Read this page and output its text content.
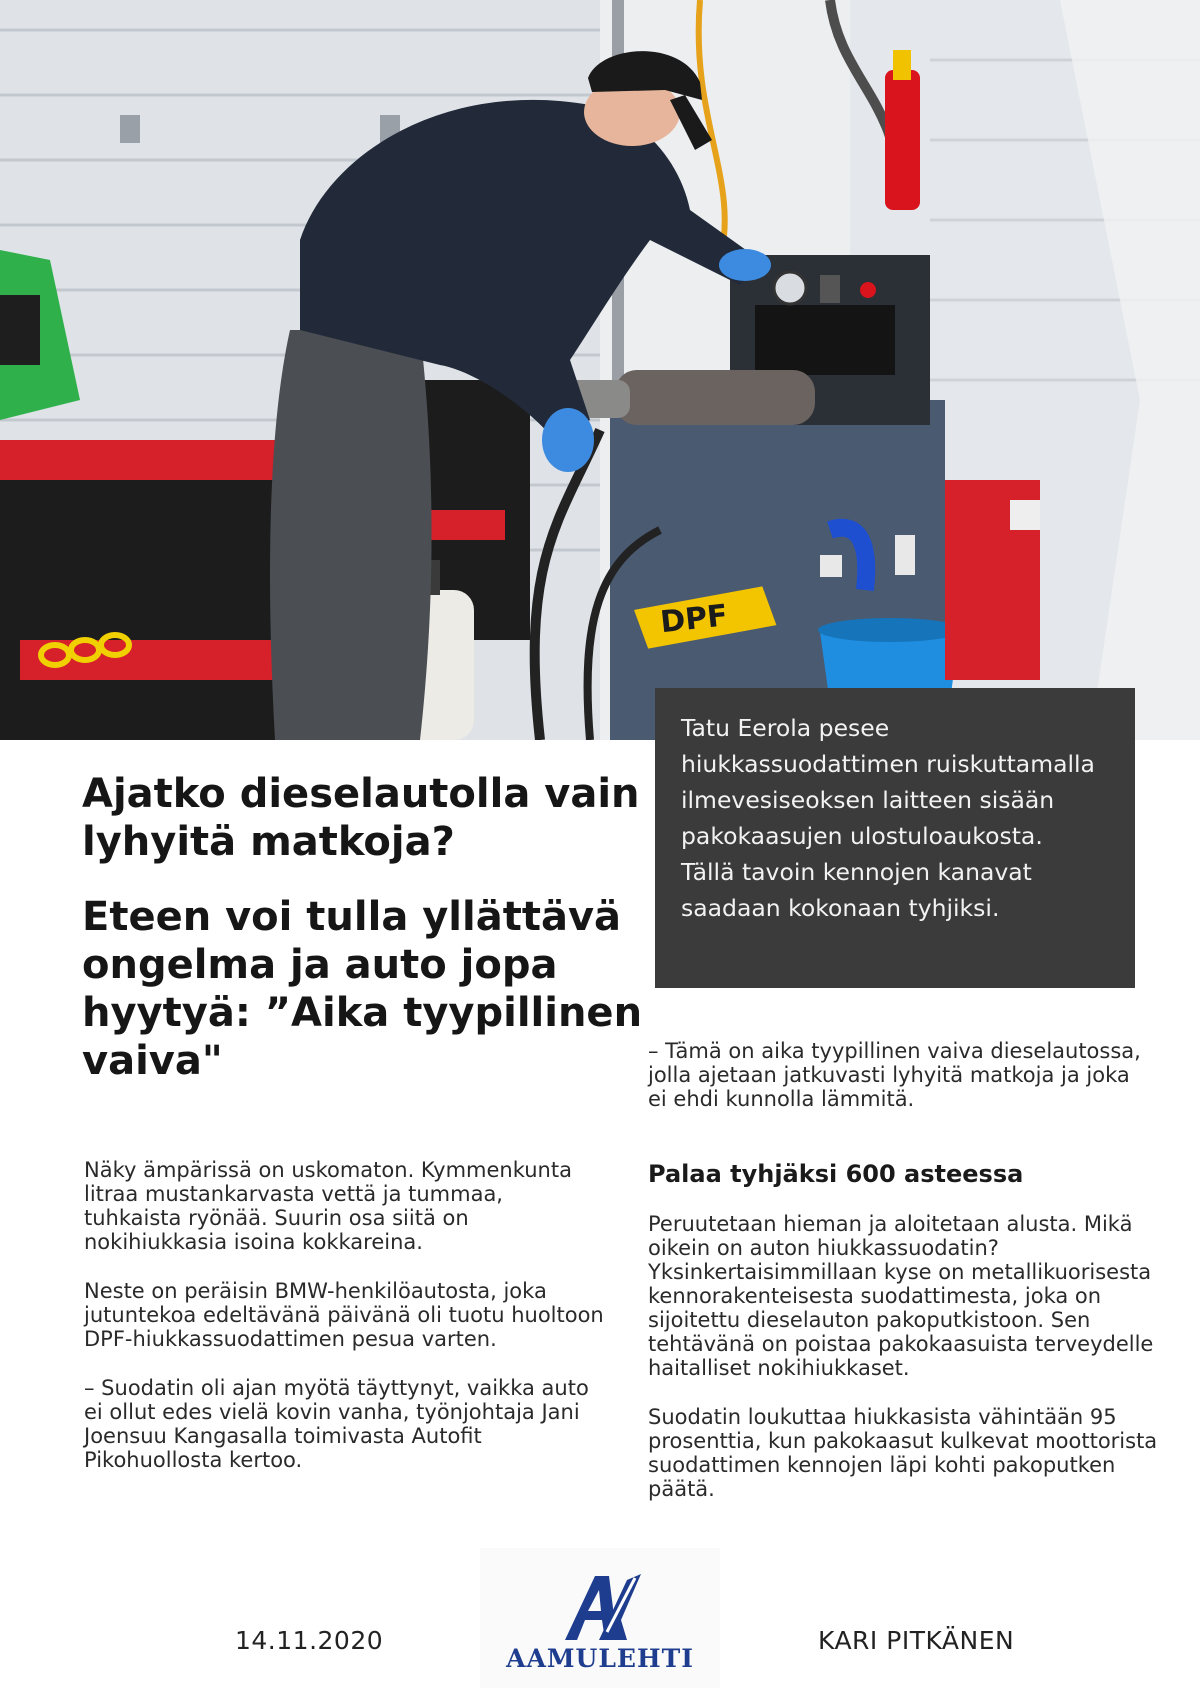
DPF

Tatu Eerola pesee hiukkassuodattimen ruiskuttamalla ilmevesiseoksen laitteen sisään pakokaasujen ulostuloaukosta.

Tällä tavoin kennojen kanavat saadaan kokonaan tyhjiksi.

Ajatko dieselautolla vain lyhyitä matkoja?
Eteen voi tulla yllättävä ongelma ja auto jopa hyytyä: ”Aika tyypillinen vaiva"

Näky ämpärissä on uskomaton. Kymmenkunta litraa mustankarvasta vettä ja tummaa, tuhkaista ryönää. Suurin osa siitä on nokihiukkasia isoina kokkareina.

Neste on peräisin BMW-henkilöautosta, joka jutuntekoa edeltävänä päivänä oli tuotu huoltoon DPF-hiukkassuodattimen pesua varten.

– Suodatin oli ajan myötä täyttynyt, vaikka auto ei ollut edes vielä kovin vanha, työnjohtaja Jani Joensuu Kangasalla toimivasta Autofit Pikohuollosta kertoo.

– Tämä on aika tyypillinen vaiva dieselautossa, jolla ajetaan jatkuvasti lyhyitä matkoja ja joka ei ehdi kunnolla lämmitä.

Palaa tyhjäksi 600 asteessa

Peruutetaan hieman ja aloitetaan alusta. Mikä oikein on auton hiukkassuodatin? Yksinkertaisimmillaan kyse on metallikuorisesta kennorakenteisesta suodattimesta, joka on sijoitettu dieselauton pakoputkistoon. Sen tehtävänä on poistaa pakokaasuista terveydelle haitalliset nokihiukkaset.

Suodatin loukuttaa hiukkasista vähintään 95 prosenttia, kun pakokaasut kulkevat moottorista suodattimen kennojen läpi kohti pakoputken päätä.

14.11.2020
AAMULEHTI
KARI PITKÄNEN
